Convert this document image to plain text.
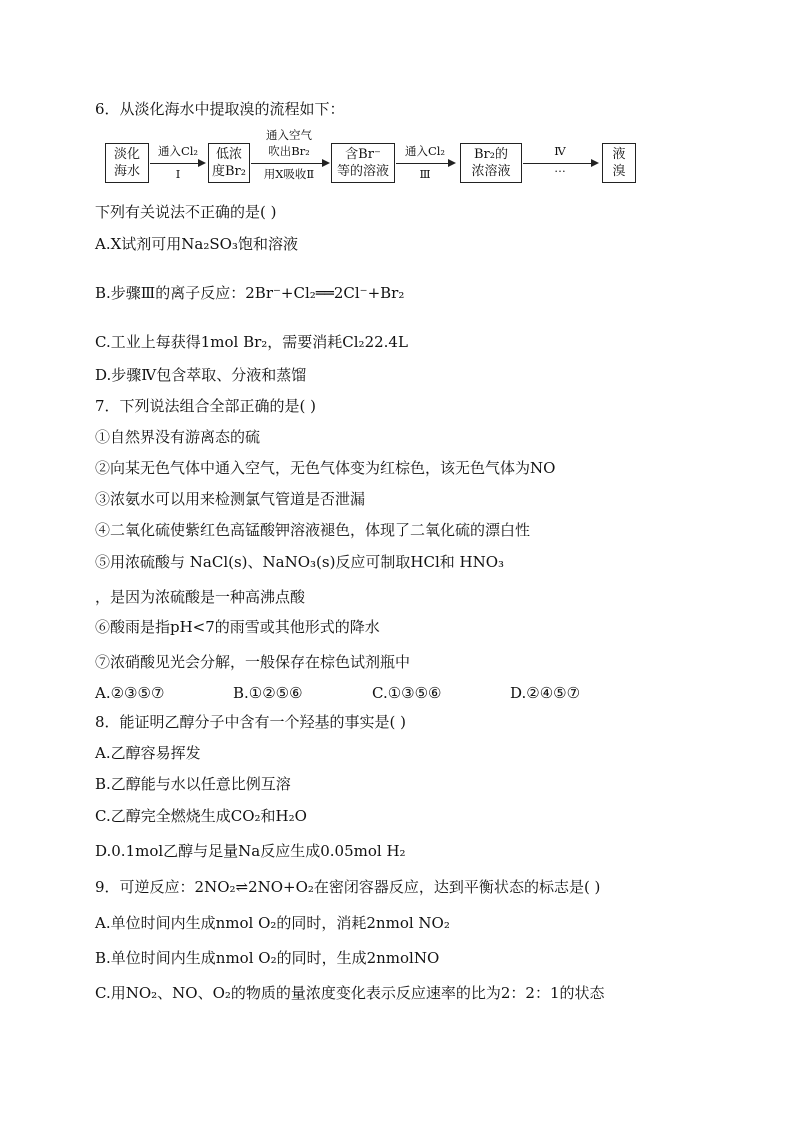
6．从淡化海水中提取溴的流程如下：
淡化
海水
通入Cl₂
Ⅰ
低浓
度Br₂
通入空气
吹出Br₂
用X吸收Ⅱ
含Br⁻
等的溶液
通入Cl₂
Ⅲ
Br₂的
浓溶液
Ⅳ
…
液
溴
下列有关说法不正确的是( )
A.X试剂可用Na₂SO₃饱和溶液
B.步骤Ⅲ的离子反应：2Br⁻+Cl₂══2Cl⁻+Br₂
C.工业上每获得1mol Br₂，需要消耗Cl₂22.4L
D.步骤Ⅳ包含萃取、分液和蒸馏
7．下列说法组合全部正确的是( )
①自然界没有游离态的硫
②向某无色气体中通入空气，无色气体变为红棕色，该无色气体为NO
③浓氨水可以用来检测氯气管道是否泄漏
④二氧化硫使紫红色高锰酸钾溶液褪色，体现了二氧化硫的漂白性
⑤用浓硫酸与 NaCl(s)、NaNO₃(s)反应可制取HCl和 HNO₃
，是因为浓硫酸是一种高沸点酸
⑥酸雨是指pH<7的雨雪或其他形式的降水
⑦浓硝酸见光会分解，一般保存在棕色试剂瓶中
A.②③⑤⑦	B.①②⑤⑥	C.①③⑤⑥	D.②④⑤⑦
8．能证明乙醇分子中含有一个羟基的事实是( )
A.乙醇容易挥发
B.乙醇能与水以任意比例互溶
C.乙醇完全燃烧生成CO₂和H₂O
D.0.1mol乙醇与足量Na反应生成0.05mol H₂
9．可逆反应：2NO₂⇌2NO+O₂在密闭容器反应，达到平衡状态的标志是( )
A.单位时间内生成nmol O₂的同时，消耗2nmol NO₂
B.单位时间内生成nmol O₂的同时，生成2nmolNO
C.用NO₂、NO、O₂的物质的量浓度变化表示反应速率的比为2：2：1的状态
